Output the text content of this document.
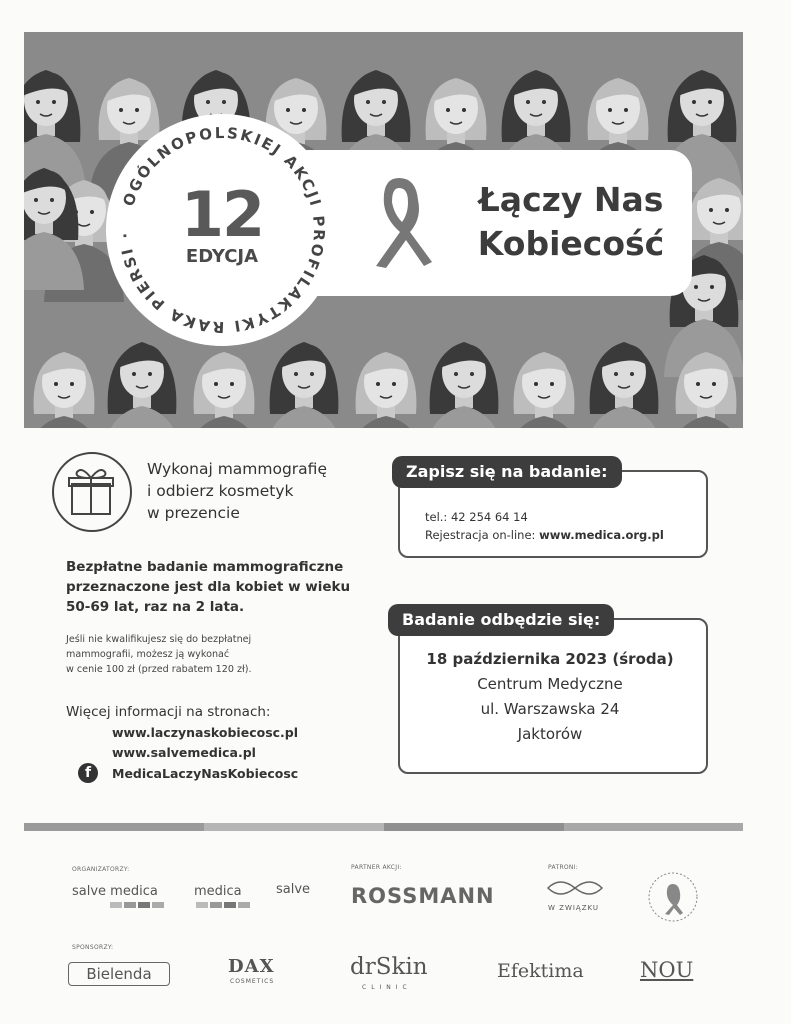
Łączy Nas
Kobiecość
OGÓLNOPOLSKIEJ AKCJI PROFILAKTYKI RAKA PIERSI · 12
EDYCJA
Wykonaj mammografię
i odbierz kosmetyk
w prezencie
Bezpłatne badanie mammograficzne
przeznaczone jest dla kobiet w wieku
50-69 lat, raz na 2 lata.
Jeśli nie kwalifikujesz się do bezpłatnej
mammografii, możesz ją wykonać
w cenie 100 zł (przed rabatem 120 zł).
Więcej informacji na stronach:
www.laczynaskobiecosc.pl
www.salvemedica.pl
f	MedicaLaczyNasKobiecosc
Zapisz się na badanie:
tel.: 42 254 64 14
Rejestracja on-line: www.medica.org.pl
Badanie odbędzie się:
18 października 2023 (środa)
Centrum Medyczne
ul. Warszawska 24
Jaktorów
ORGANIZATORZY:	PARTNER AKCJI:	PATRONI:
SPONSORZY:
salve medica	medica	salve ROSSMANN	W ZWIĄZKU
Bielenda	DAX
COSMETICS
drSkin
CLINIC
Efektima	NOU
